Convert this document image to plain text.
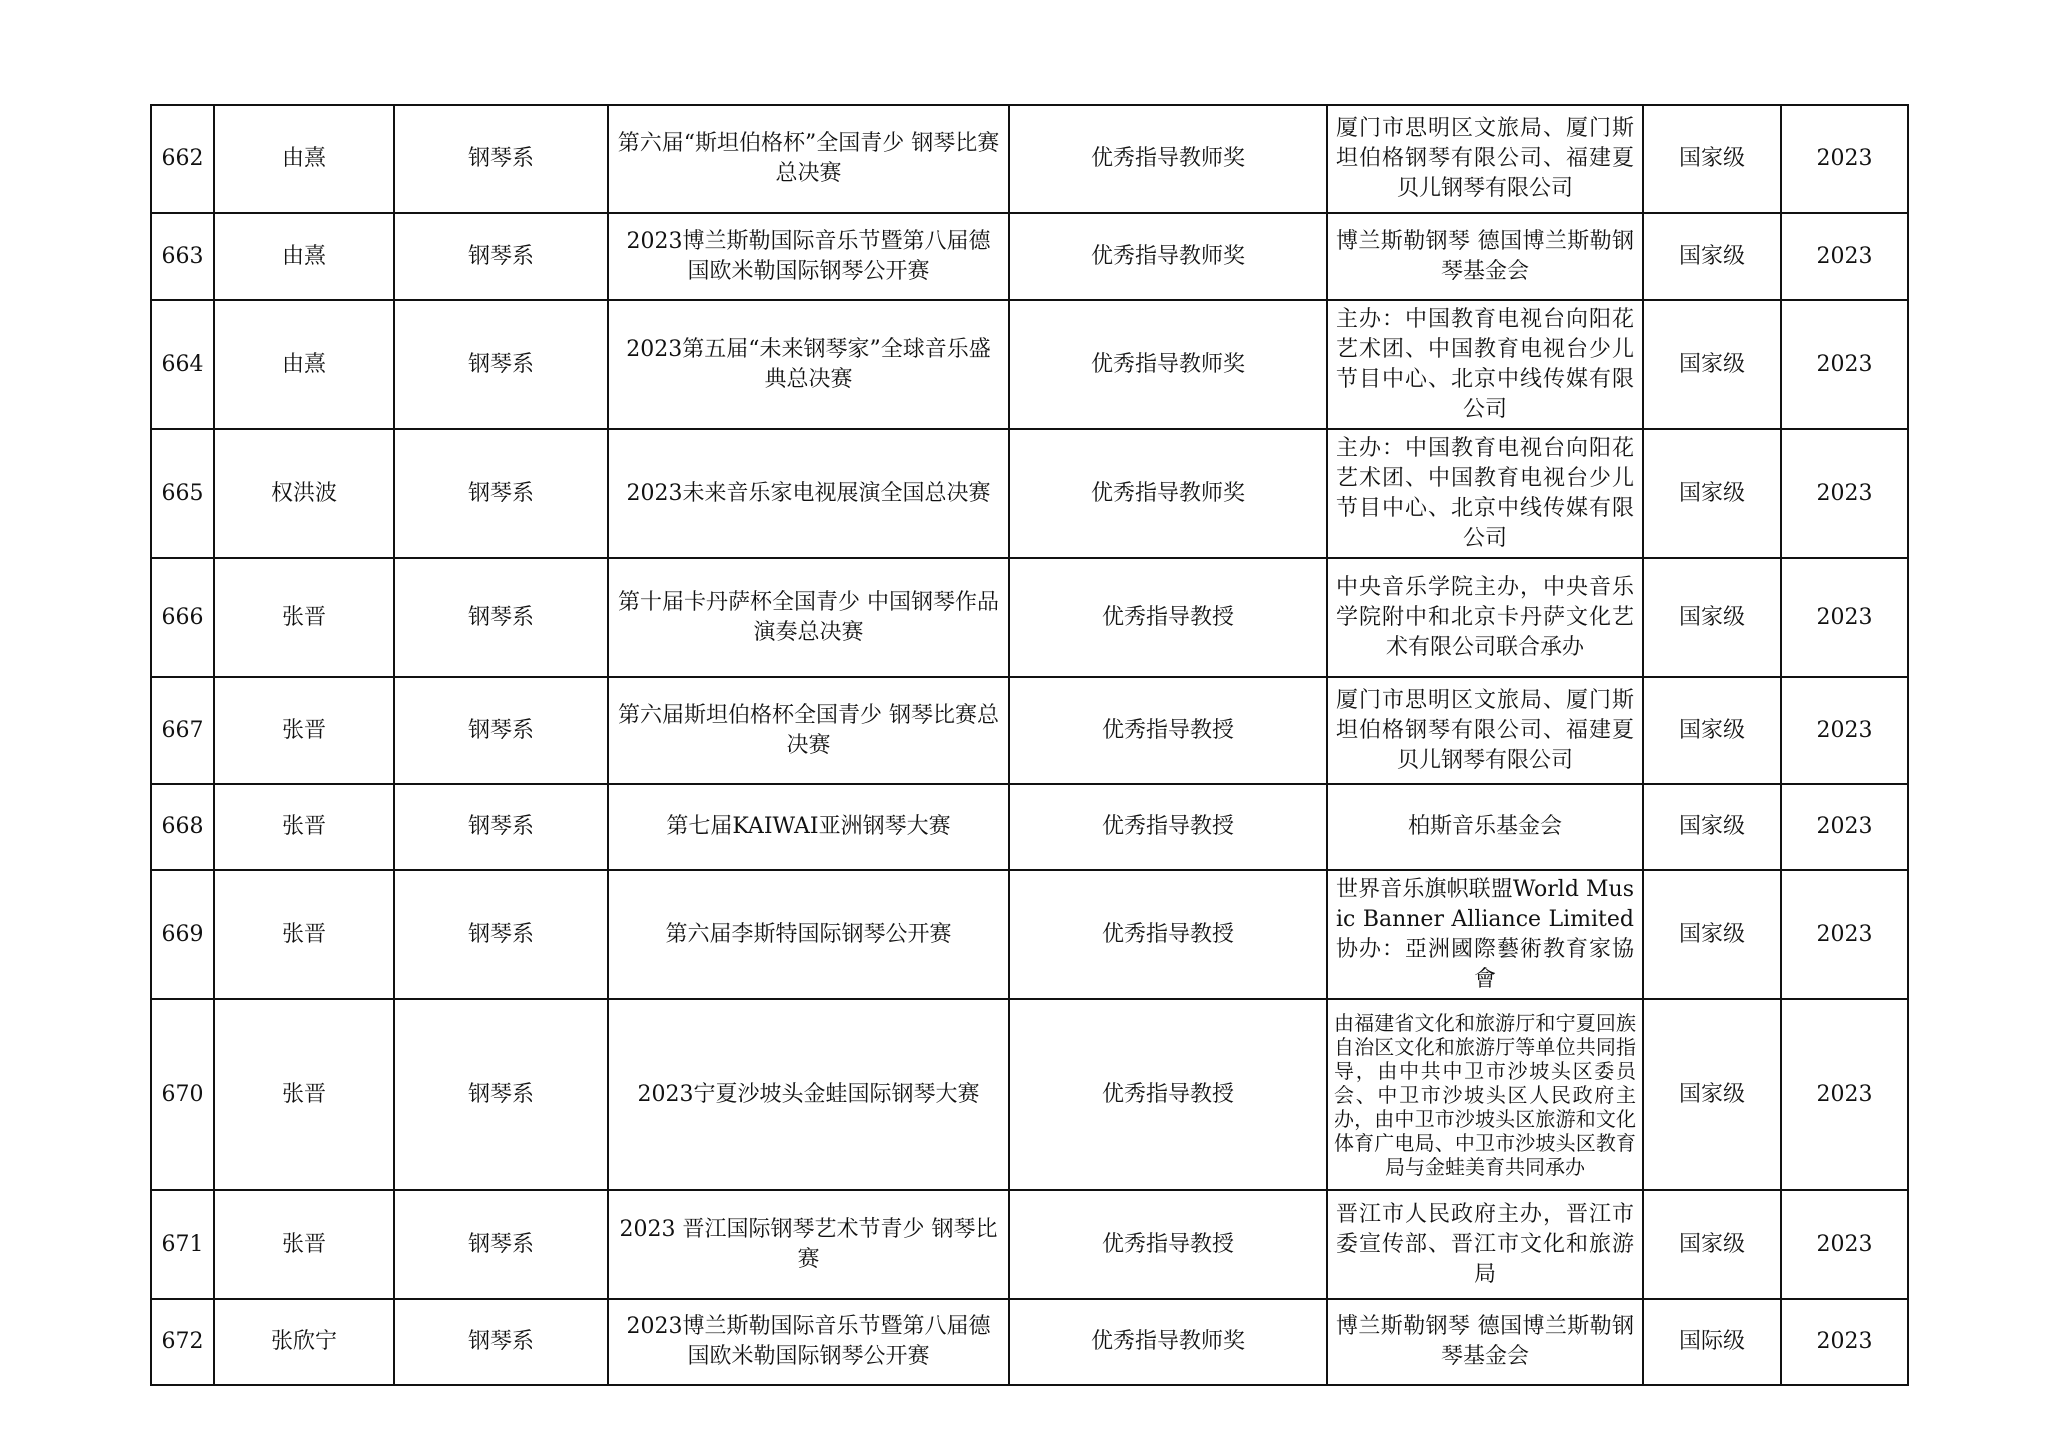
662	由熹	钢琴系	第六届“斯坦伯格杯”全国青少 钢琴比赛总决赛	优秀指导教师奖	厦门市思明区文旅局、厦门斯坦伯格钢琴有限公司、福建夏贝儿钢琴有限公司	国家级	2023
663	由熹	钢琴系	2023博兰斯勒国际音乐节暨第八届德国欧米勒国际钢琴公开赛	优秀指导教师奖	博兰斯勒钢琴 德国博兰斯勒钢琴基金会	国家级	2023
664	由熹	钢琴系	2023第五届“未来钢琴家”全球音乐盛典总决赛	优秀指导教师奖	主办：中国教育电视台向阳花艺术团、中国教育电视台少儿节目中心、北京中线传媒有限公司	国家级	2023
665	权洪波	钢琴系	2023未来音乐家电视展演全国总决赛	优秀指导教师奖	主办：中国教育电视台向阳花艺术团、中国教育电视台少儿节目中心、北京中线传媒有限公司	国家级	2023
666	张晋	钢琴系	第十届卡丹萨杯全国青少 中国钢琴作品演奏总决赛	优秀指导教授	中央音乐学院主办，中央音乐学院附中和北京卡丹萨文化艺术有限公司联合承办	国家级	2023
667	张晋	钢琴系	第六届斯坦伯格杯全国青少 钢琴比赛总决赛	优秀指导教授	厦门市思明区文旅局、厦门斯坦伯格钢琴有限公司、福建夏贝儿钢琴有限公司	国家级	2023
668	张晋	钢琴系	第七届KAIWAI亚洲钢琴大赛	优秀指导教授	柏斯音乐基金会	国家级	2023
669	张晋	钢琴系	第六届李斯特国际钢琴公开赛	优秀指导教授	世界音乐旗帜联盟World Music Banner Alliance Limited协办：亞洲國際藝術教育家協會	国家级	2023
670	张晋	钢琴系	2023宁夏沙坡头金蛙国际钢琴大赛	优秀指导教授	由福建省文化和旅游厅和宁夏回族自治区文化和旅游厅等单位共同指导，由中共中卫市沙坡头区委员会、中卫市沙坡头区人民政府主办，由中卫市沙坡头区旅游和文化体育广电局、中卫市沙坡头区教育局与金蛙美育共同承办	国家级	2023
671	张晋	钢琴系	2023 晋江国际钢琴艺术节青少 钢琴比赛	优秀指导教授	晋江市人民政府主办，晋江市委宣传部、晋江市文化和旅游局	国家级	2023
672	张欣宁	钢琴系	2023博兰斯勒国际音乐节暨第八届德国欧米勒国际钢琴公开赛	优秀指导教师奖	博兰斯勒钢琴 德国博兰斯勒钢琴基金会	国际级	2023
